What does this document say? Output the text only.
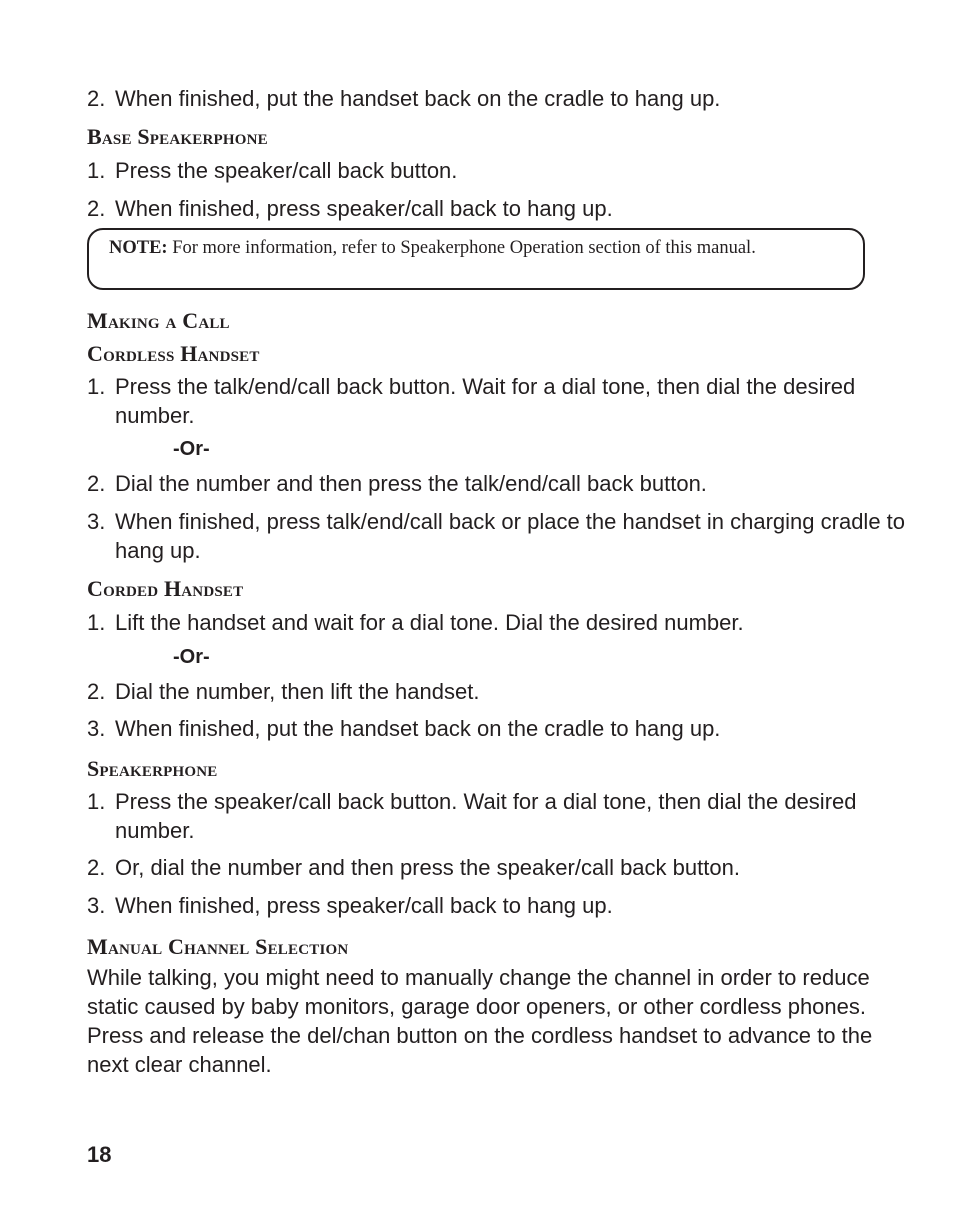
2. When finished, put the handset back on the cradle to hang up.
Base Speakerphone
1. Press the speaker/call back button.
2. When finished, press speaker/call back to hang up.
NOTE: For more information, refer to Speakerphone Operation section of this manual.
Making a Call
Cordless Handset
1. Press the talk/end/call back button. Wait for a dial tone, then dial the desired number.
-Or-
2. Dial the number and then press the talk/end/call back button.
3. When finished, press talk/end/call back or place the handset in charging cradle to hang up.
Corded Handset
1. Lift the handset and wait for a dial tone. Dial the desired number.
-Or-
2. Dial the number, then lift the handset.
3. When finished, put the handset back on the cradle to hang up.
Speakerphone
1. Press the speaker/call back button. Wait for a dial tone, then dial the desired number.
2. Or, dial the number and then press the speaker/call back button.
3. When finished, press speaker/call back to hang up.
Manual Channel Selection
While talking, you might need to manually change the channel in order to reduce static caused by baby monitors, garage door openers, or other cordless phones. Press and release the del/chan button on the cordless handset to advance to the next clear channel.
18
